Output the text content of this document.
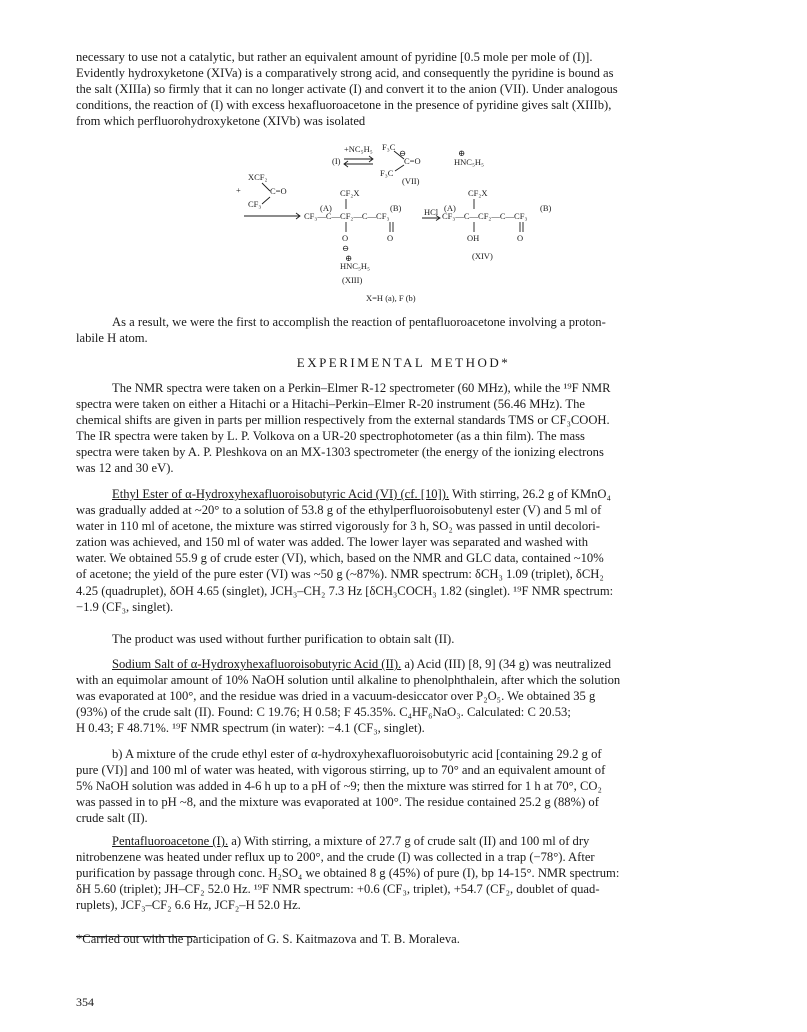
necessary to use not a catalytic, but rather an equivalent amount of pyridine [0.5 mole per mole of (I)].
Evidently hydroxyketone (XIVa) is a comparatively strong acid, and consequently the pyridine is bound as
the salt (XIIIa) so firmly that it can no longer activate (I) and convert it to the anion (VII). Under analogous
conditions, the reaction of (I) with excess hexafluoroacetone in the presence of pyridine gives salt (XIIIb),
from which perfluorohydroxyketone (XIVb) was isolated

+NC₅H₅
(I)
F₃C
⊖
C=O
F₃C
⊕
HNC₅H₅
(VII)
+
XCF₂
C=O
CF₃
CF₂X
(A)	(B)
CF₃—C—CF₂—C—CF₃	HCl
CF₂X
(A)	(B)
CF₃—C—CF₂—C—CF₃
O	O	OH	O
⊖
⊕
HNC₅H₅
(XIII)
(XIV)
X=H (a), F (b)

As a result, we were the first to accomplish the reaction of pentafluoroacetone involving a proton-
labile H atom.

EXPERIMENTAL METHOD*

The NMR spectra were taken on a Perkin–Elmer R-12 spectrometer (60 MHz), while the ¹⁹F NMR
spectra were taken on either a Hitachi or a Hitachi–Perkin–Elmer R-20 instrument (56.46 MHz). The
chemical shifts are given in parts per million respectively from the external standards TMS or CF₃COOH.
The IR spectra were taken by L. P. Volkova on a UR-20 spectrophotometer (as a thin film). The mass
spectra were taken by A. P. Pleshkova on an MX-1303 spectrometer (the energy of the ionizing electrons
was 12 and 30 eV).

Ethyl Ester of α-Hydroxyhexafluoroisobutyric Acid (VI) (cf. [10]). With stirring, 26.2 g of KMnO₄
was gradually added at ~20° to a solution of 53.8 g of the ethylperfluoroisobutenyl ester (V) and 5 ml of
water in 110 ml of acetone, the mixture was stirred vigorously for 3 h, SO₂ was passed in until decolori-
zation was achieved, and 150 ml of water was added. The lower layer was separated and washed with
water. We obtained 55.9 g of crude ester (VI), which, based on the NMR and GLC data, contained ~10%
of acetone; the yield of the pure ester (VI) was ~50 g (~87%). NMR spectrum: δCH₃ 1.09 (triplet), δCH₂
4.25 (quadruplet), δOH 4.65 (singlet), JCH₃–CH₂ 7.3 Hz [δCH₃COCH₃ 1.82 (singlet). ¹⁹F NMR spectrum:
−1.9 (CF₃, singlet).

The product was used without further purification to obtain salt (II).

Sodium Salt of α-Hydroxyhexafluoroisobutyric Acid (II). a) Acid (III) [8, 9] (34 g) was neutralized
with an equimolar amount of 10% NaOH solution until alkaline to phenolphthalein, after which the solution
was evaporated at 100°, and the residue was dried in a vacuum-desiccator over P₂O₅. We obtained 35 g
(93%) of the crude salt (II). Found: C 19.76; H 0.58; F 45.35%. C₄HF₆NaO₃. Calculated: C 20.53;
H 0.43; F 48.71%. ¹⁹F NMR spectrum (in water): −4.1 (CF₃, singlet).

b) A mixture of the crude ethyl ester of α-hydroxyhexafluoroisobutyric acid [containing 29.2 g of
pure (VI)] and 100 ml of water was heated, with vigorous stirring, up to 70° and an equivalent amount of
5% NaOH solution was added in 4-6 h up to a pH of ~9; then the mixture was stirred for 1 h at 70°, CO₂
was passed in to pH ~8, and the mixture was evaporated at 100°. The residue contained 25.2 g (88%) of
crude salt (II).

Pentafluoroacetone (I). a) With stirring, a mixture of 27.7 g of crude salt (II) and 100 ml of dry
nitrobenzene was heated under reflux up to 200°, and the crude (I) was collected in a trap (−78°). After
purification by passage through conc. H₂SO₄ we obtained 8 g (45%) of pure (I), bp 14-15°. NMR spectrum:
δH 5.60 (triplet); JH–CF₂ 52.0 Hz. ¹⁹F NMR spectrum: +0.6 (CF₃, triplet), +54.7 (CF₂, doublet of quad-
ruplets), JCF₃–CF₂ 6.6 Hz, JCF₂–H 52.0 Hz.

*Carried out with the participation of G. S. Kaitmazova and T. B. Moraleva.
354
